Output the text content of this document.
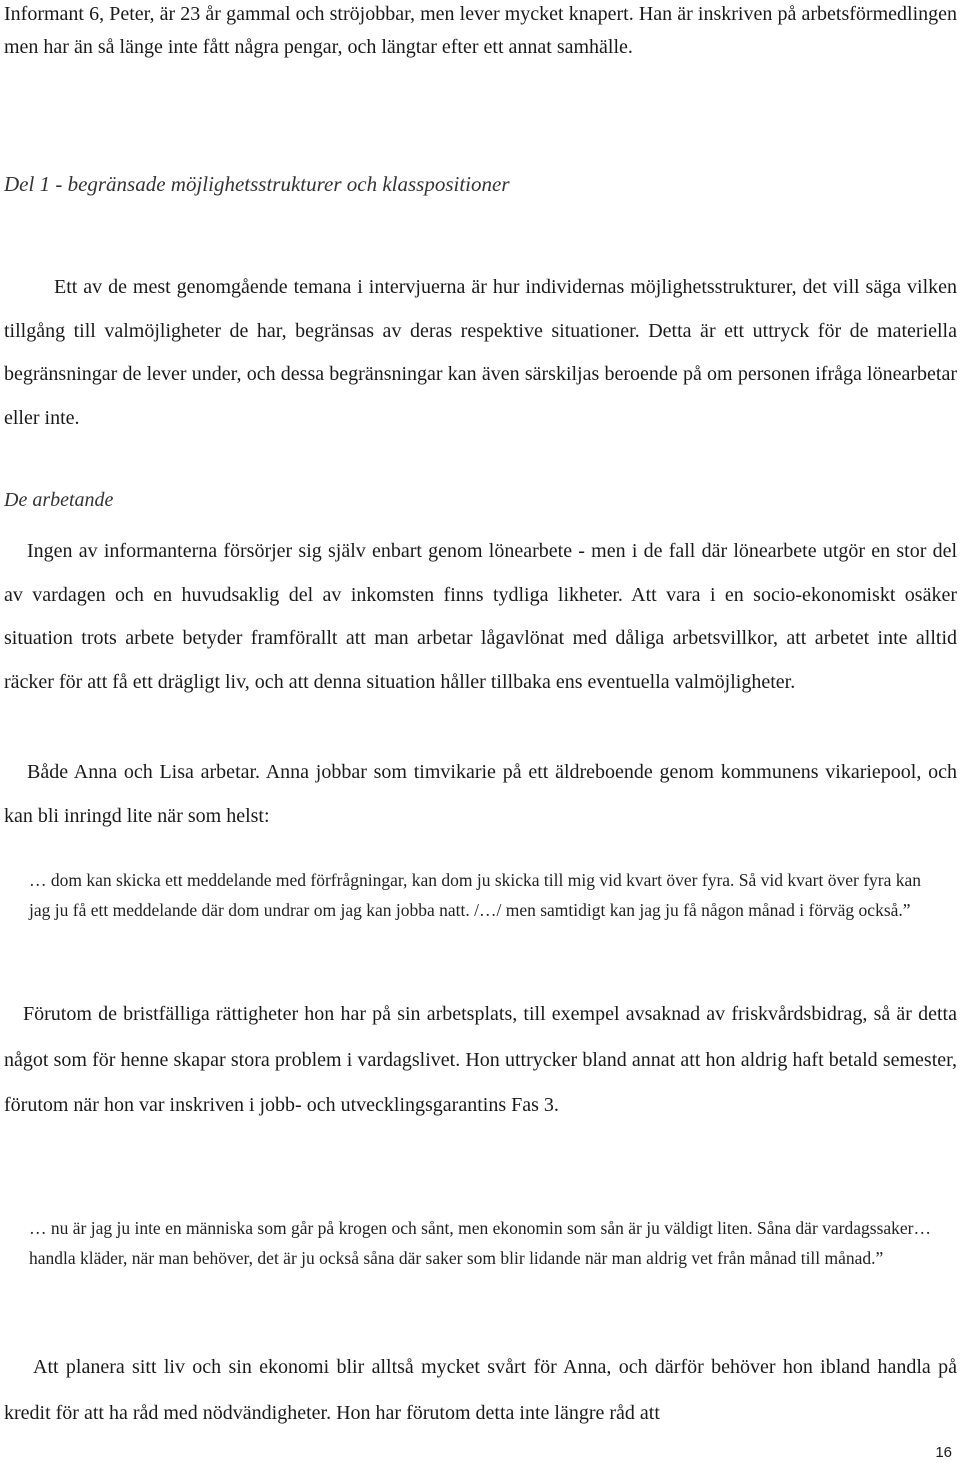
Informant 6, Peter, är 23 år gammal och ströjobbar, men lever mycket knapert. Han är inskriven på arbetsförmedlingen men har än så länge inte fått några pengar, och längtar efter ett annat samhälle.

Del 1 - begränsade möjlighetsstrukturer och klasspositioner

Ett av de mest genomgående temana i intervjuerna är hur individernas möjlighetsstrukturer, det vill säga vilken tillgång till valmöjligheter de har, begränsas av deras respektive situationer. Detta är ett uttryck för de materiella begränsningar de lever under, och dessa begränsningar kan även särskiljas beroende på om personen ifråga lönearbetar eller inte.

De arbetande

Ingen av informanterna försörjer sig själv enbart genom lönearbete - men i de fall där lönearbete utgör en stor del av vardagen och en huvudsaklig del av inkomsten finns tydliga likheter. Att vara i en socio-ekonomiskt osäker situation trots arbete betyder framförallt att man arbetar lågavlönat med dåliga arbetsvillkor, att arbetet inte alltid räcker för att få ett drägligt liv, och att denna situation håller tillbaka ens eventuella valmöjligheter.

Både Anna och Lisa arbetar. Anna jobbar som timvikarie på ett äldreboende genom kommunens vikariepool, och kan bli inringd lite när som helst:

… dom kan skicka ett meddelande med förfrågningar, kan dom ju skicka till mig vid kvart över fyra. Så vid kvart över fyra kan jag ju få ett meddelande där dom undrar om jag kan jobba natt. /…/ men samtidigt kan jag ju få någon månad i förväg också.”

Förutom de bristfälliga rättigheter hon har på sin arbetsplats, till exempel avsaknad av friskvårdsbidrag, så är detta något som för henne skapar stora problem i vardagslivet. Hon uttrycker bland annat att hon aldrig haft betald semester, förutom när hon var inskriven i jobb- och utvecklingsgarantins Fas 3.

… nu är jag ju inte en människa som går på krogen och sånt, men ekonomin som sån är ju väldigt liten. Såna där vardagssaker… handla kläder, när man behöver, det är ju också såna där saker som blir lidande när man aldrig vet från månad till månad.”

Att planera sitt liv och sin ekonomi blir alltså mycket svårt för Anna, och därför behöver hon ibland handla på kredit för att ha råd med nödvändigheter. Hon har förutom detta inte längre råd att

16
